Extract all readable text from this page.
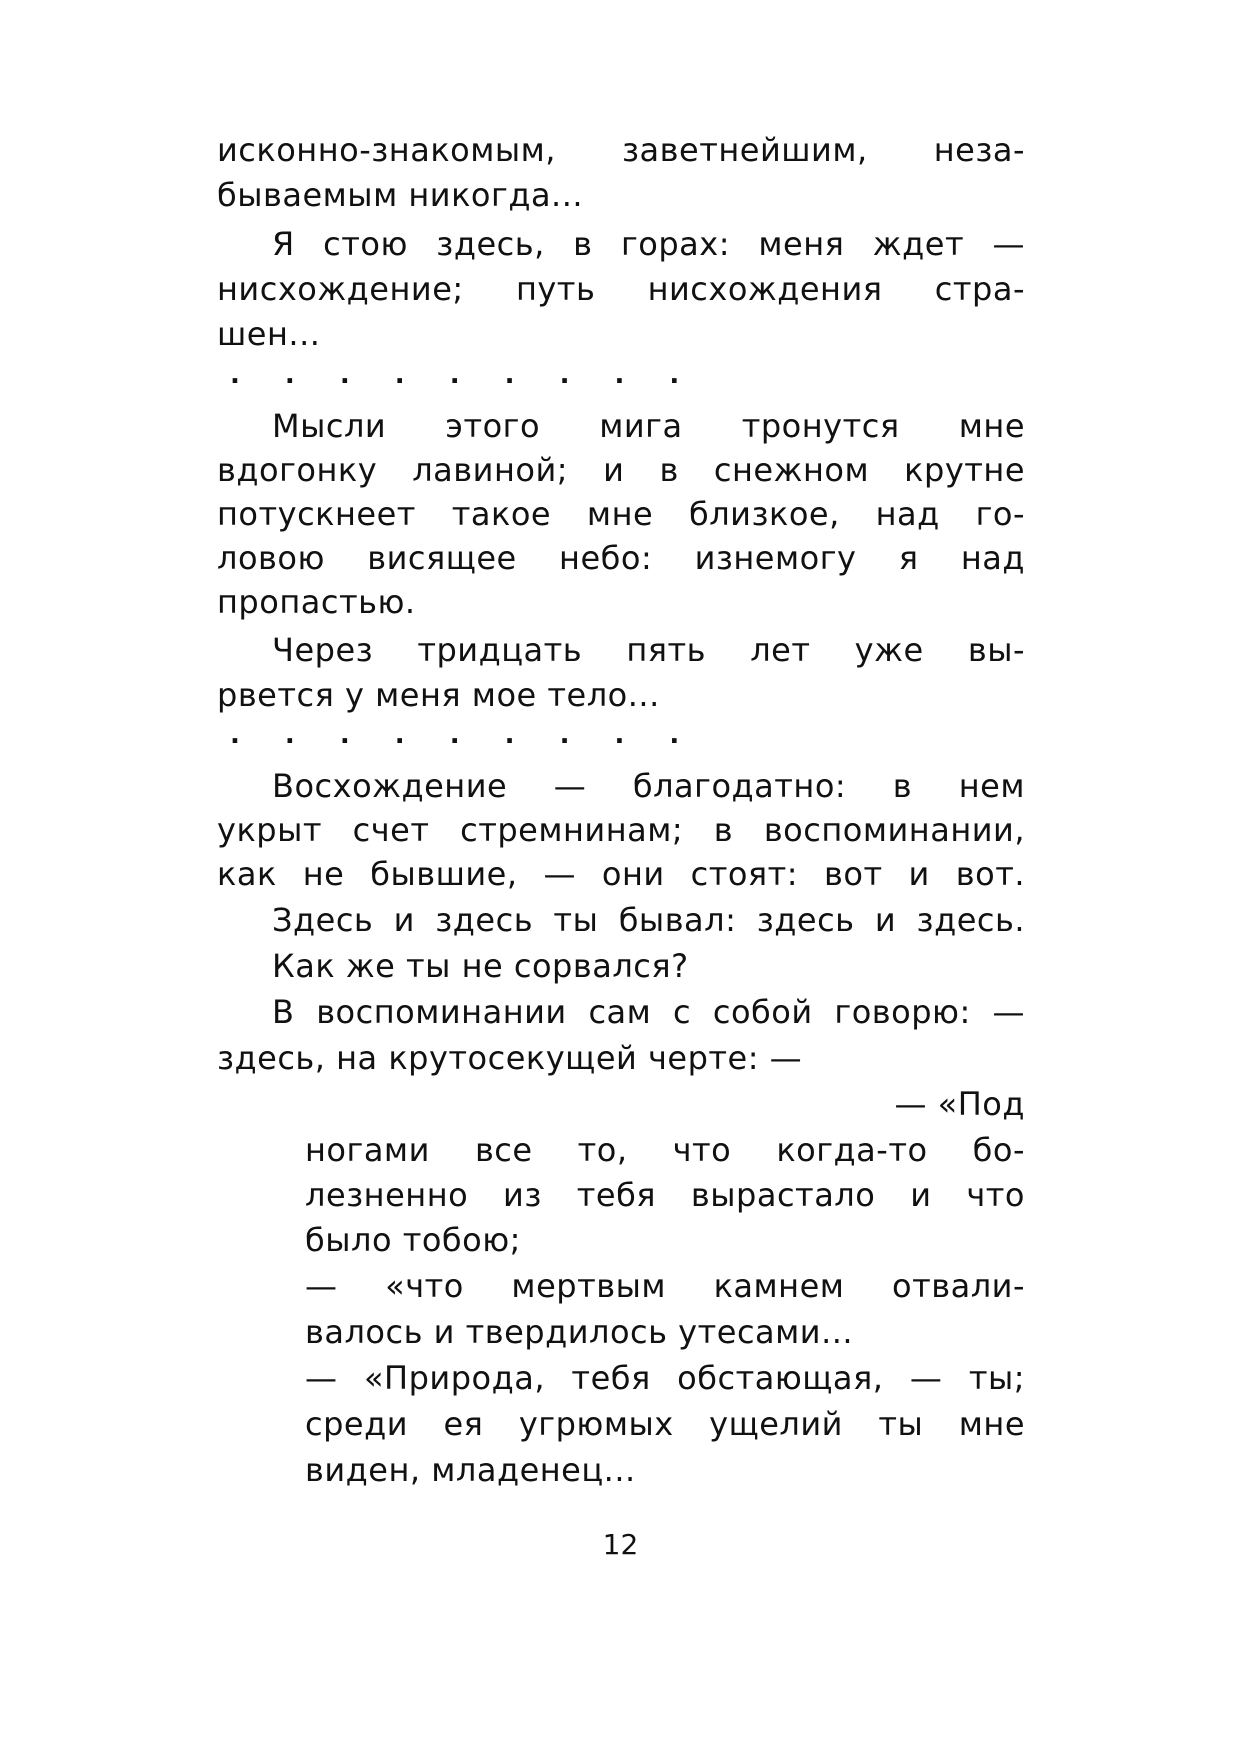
исконно-знакомым, заветнейшим, неза-
бываемым никогда...
Я стою здесь, в горах: меня ждет —
нисхождение; путь нисхождения стра-
шен...
. . . . . . . . .
Мысли этого мига тронутся мне
вдогонку лавиной; и в снежном крутне
потускнеет такое мне близкое, над го-
ловою висящее небо: изнемогу я над
пропастью.
Через тридцать пять лет уже вы-
рвется у меня мое тело...
. . . . . . . . .
Восхождение — благодатно: в нем
укрыт счет стремнинам; в воспоминании,
как не бывшие, — они стоят: вот и вот.
Здесь и здесь ты бывал: здесь и здесь.
Как же ты не сорвался?
В воспоминании сам с собой говорю: —
здесь, на крутосекущей черте: —
— «Под
ногами все то, что когда-то бо-
лезненно из тебя вырастало и что
было тобою;
— «что мертвым камнем отвали-
валось и твердилось утесами...
— «Природа, тебя обстающая, — ты;
среди ея угрюмых ущелий ты мне
виден, младенец...
12
